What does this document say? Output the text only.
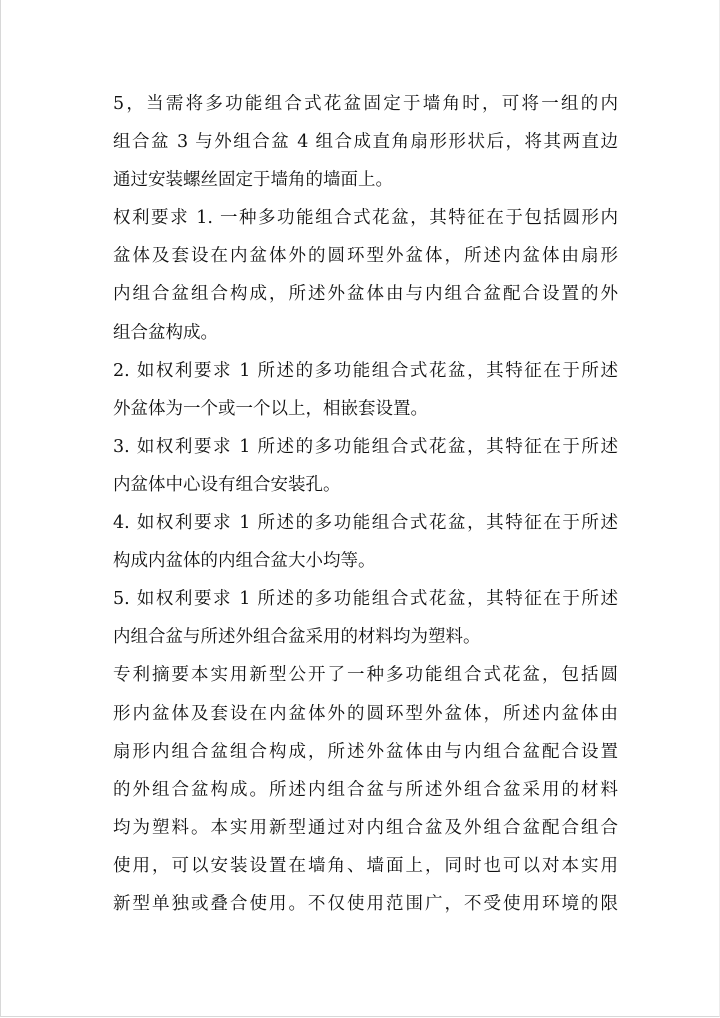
5，当需将多功能组合式花盆固定于墙角时，可将一组的内
组合盆 3 与外组合盆 4 组合成直角扇形形状后，将其两直边
通过安装螺丝固定于墙角的墙面上。
权利要求 1. 一种多功能组合式花盆，其特征在于包括圆形内
盆体及套设在内盆体外的圆环型外盆体，所述内盆体由扇形
内组合盆组合构成，所述外盆体由与内组合盆配合设置的外
组合盆构成。
2. 如权利要求 1 所述的多功能组合式花盆，其特征在于所述
外盆体为一个或一个以上，相嵌套设置。
3. 如权利要求 1 所述的多功能组合式花盆，其特征在于所述
内盆体中心设有组合安装孔。
4. 如权利要求 1 所述的多功能组合式花盆，其特征在于所述
构成内盆体的内组合盆大小均等。
5. 如权利要求 1 所述的多功能组合式花盆，其特征在于所述
内组合盆与所述外组合盆采用的材料均为塑料。
专利摘要本实用新型公开了一种多功能组合式花盆，包括圆
形内盆体及套设在内盆体外的圆环型外盆体，所述内盆体由
扇形内组合盆组合构成，所述外盆体由与内组合盆配合设置
的外组合盆构成。所述内组合盆与所述外组合盆采用的材料
均为塑料。本实用新型通过对内组合盆及外组合盆配合组合
使用，可以安装设置在墙角、墙面上，同时也可以对本实用
新型单独或叠合使用。不仅使用范围广，不受使用环境的限
